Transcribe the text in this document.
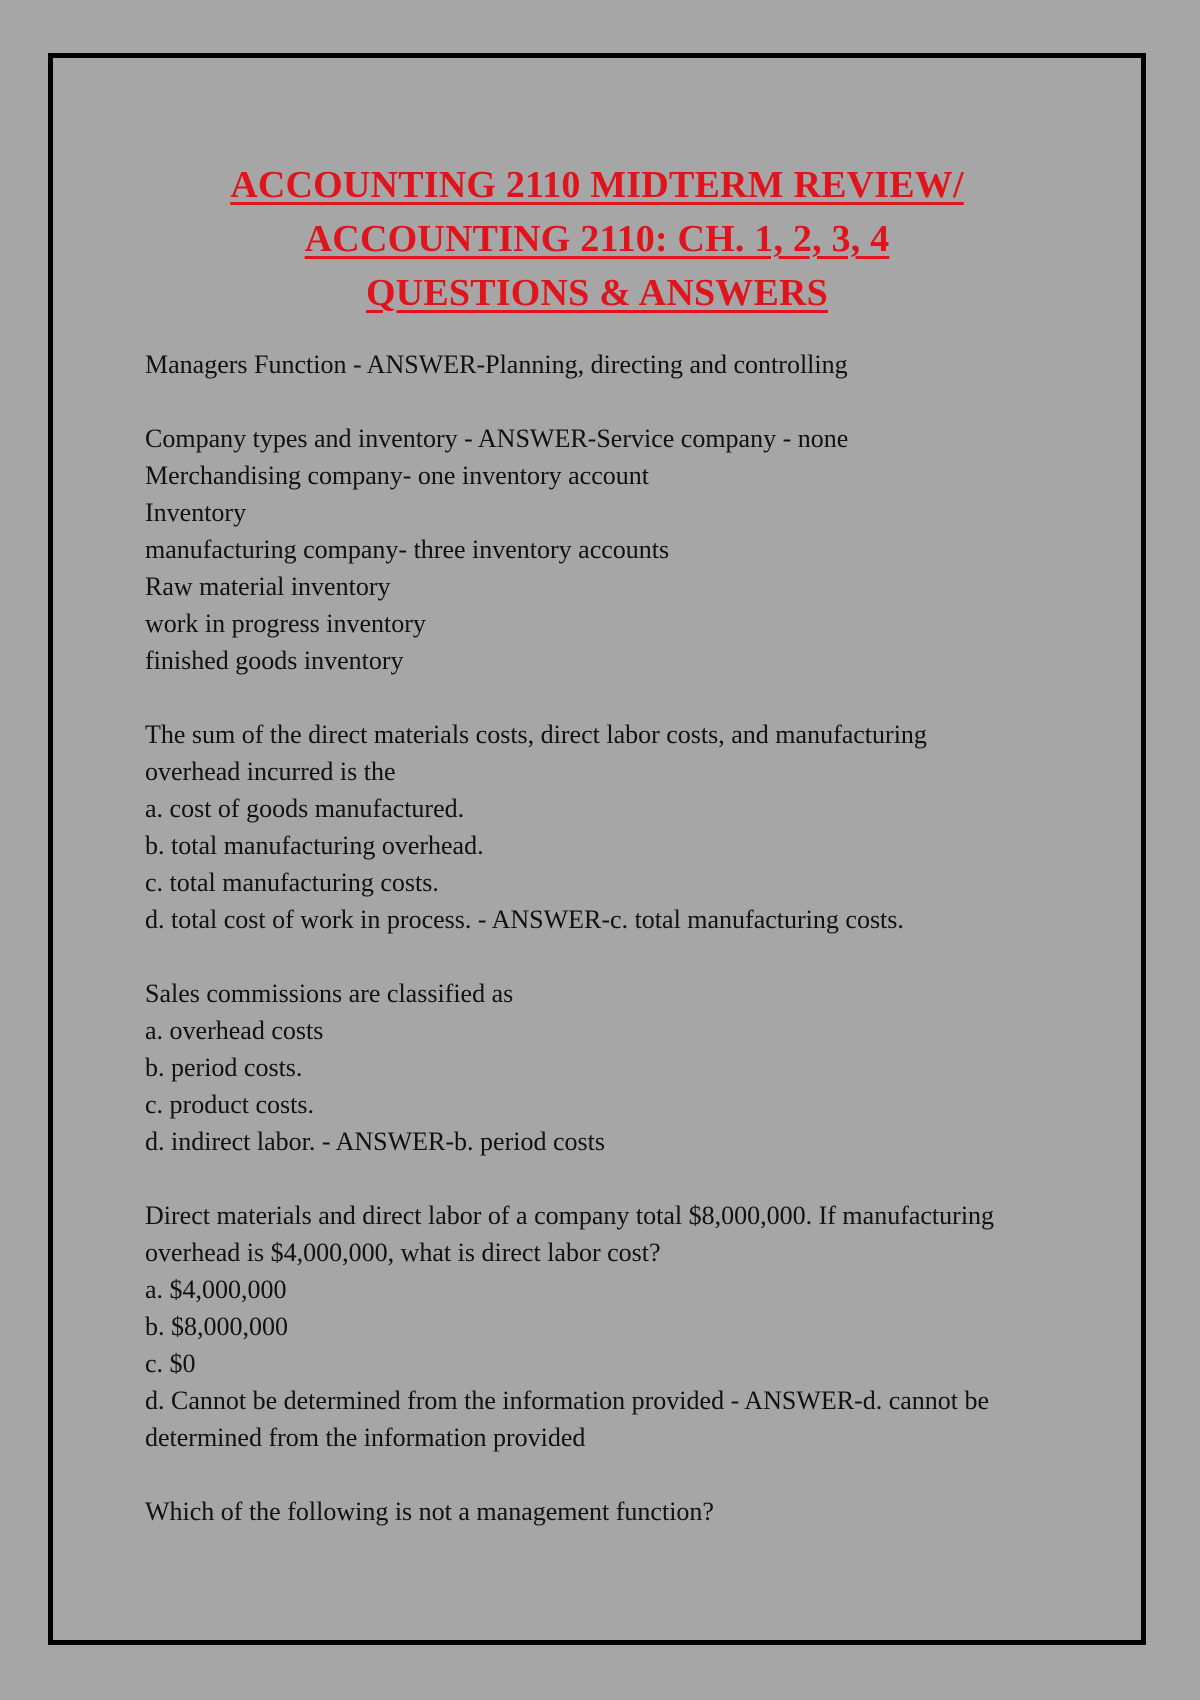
ACCOUNTING 2110 MIDTERM REVIEW/
ACCOUNTING 2110: CH. 1, 2, 3, 4
QUESTIONS & ANSWERS
Managers Function - ANSWER-Planning, directing and controlling
Company types and inventory - ANSWER-Service company - none
Merchandising company- one inventory account
Inventory
manufacturing company- three inventory accounts
Raw material inventory
work in progress inventory
finished goods inventory
The sum of the direct materials costs, direct labor costs, and manufacturing
overhead incurred is the
a. cost of goods manufactured.
b. total manufacturing overhead.
c. total manufacturing costs.
d. total cost of work in process. - ANSWER-c. total manufacturing costs.
Sales commissions are classified as
a. overhead costs
b. period costs.
c. product costs.
d. indirect labor. - ANSWER-b. period costs
Direct materials and direct labor of a company total $8,000,000. If manufacturing
overhead is $4,000,000, what is direct labor cost?
a. $4,000,000
b. $8,000,000
c. $0
d. Cannot be determined from the information provided - ANSWER-d. cannot be
determined from the information provided
Which of the following is not a management function?
